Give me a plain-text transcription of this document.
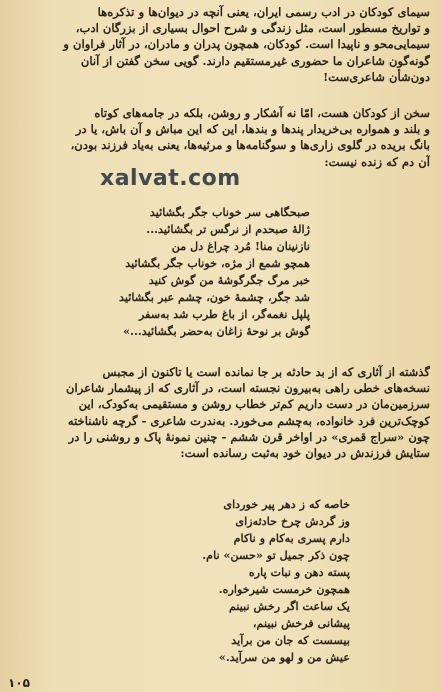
سیمای کودکان در ادب رسمی ایران، یعنی آنچه در دیوان‌ها و تذکره‌ها
و تواریخ مسطور است، مثل زندگی و شرح احوال بسیاری از بزرگان ادب،
سیمایی‌محو و ناپیدا است. کودکان، همچون پدران و مادران، در آثار فراوان و
گونه‌گون شاعران ما حضوری غیرمستقیم دارند. گویی سخن گفتن از آنان
دون‌شأن شاعری‌ست!
سخن از کودکان هست، امّا نه آشکار و روشن، بلکه در جامه‌های کوتاه
و بلند و همواره بی‌خریدار پندها و بندها، این که این مباش و آن باش، یا در
بانگ بریده در گلوی زاری‌ها و سوگنامه‌ها و مرثیه‌ها، یعنی به‌یاد فرزند بودن،
آن دم که زنده نیست:
xalvat.com
صبحگاهی سر خوناب جگر بگشائید
ژالهٔ صبحدم از نرگس تر بگشائید...
نازنینان منا! مُرد چراغ دل من
همچو شمع از مژه، خوناب جگر بگشائید
خبر مرگ جگر‌گوشهٔ من گوش کنید
شد جگر، چشمهٔ خون، چشم عبر بگشائید
پلپل نغمه‌گر، از باغ طرب شد به‌سفر
گوش بر نوحهٔ زاغان به‌حضر بگشائید...»
گذشته از آثاری که از بد حادثه بر جا نمانده است یا تاکنون از مجبس
نسخه‌های خطی راهی به‌بیرون نجسته است، در آثاری که از پیشمار شاعران
سرزمین‌مان در دست داریم کم‌تر خطاب روشن و مستقیمی به‌کودک، این
کوچک‌ترین فرد خانواده، به‌چشم می‌خورد. به‌ندرت شاعری - گرچه ناشناخته
چون «سراج قمری» در اواخر قرن ششم - چنین نمونهٔ پاک و روشنی را در
ستایش فرزندش در دیوان خود به‌ثبت رسانده است:
خاصه که ز دهر پیر خوردای
وز گردش چرخ حادثه‌زای
دارم پسری به‌کام و ناکام
چون ذکر جمیل تو «حسن» نام.
پسته دهن و نبات پاره
همچون خرمست شیرخواره.
یک ساعت اگر رخش نبینم
پیشانی فرخش نبینم،
بیسست که جان من برآید
عیش من و لهو من سرآید.»
۱۰۵
